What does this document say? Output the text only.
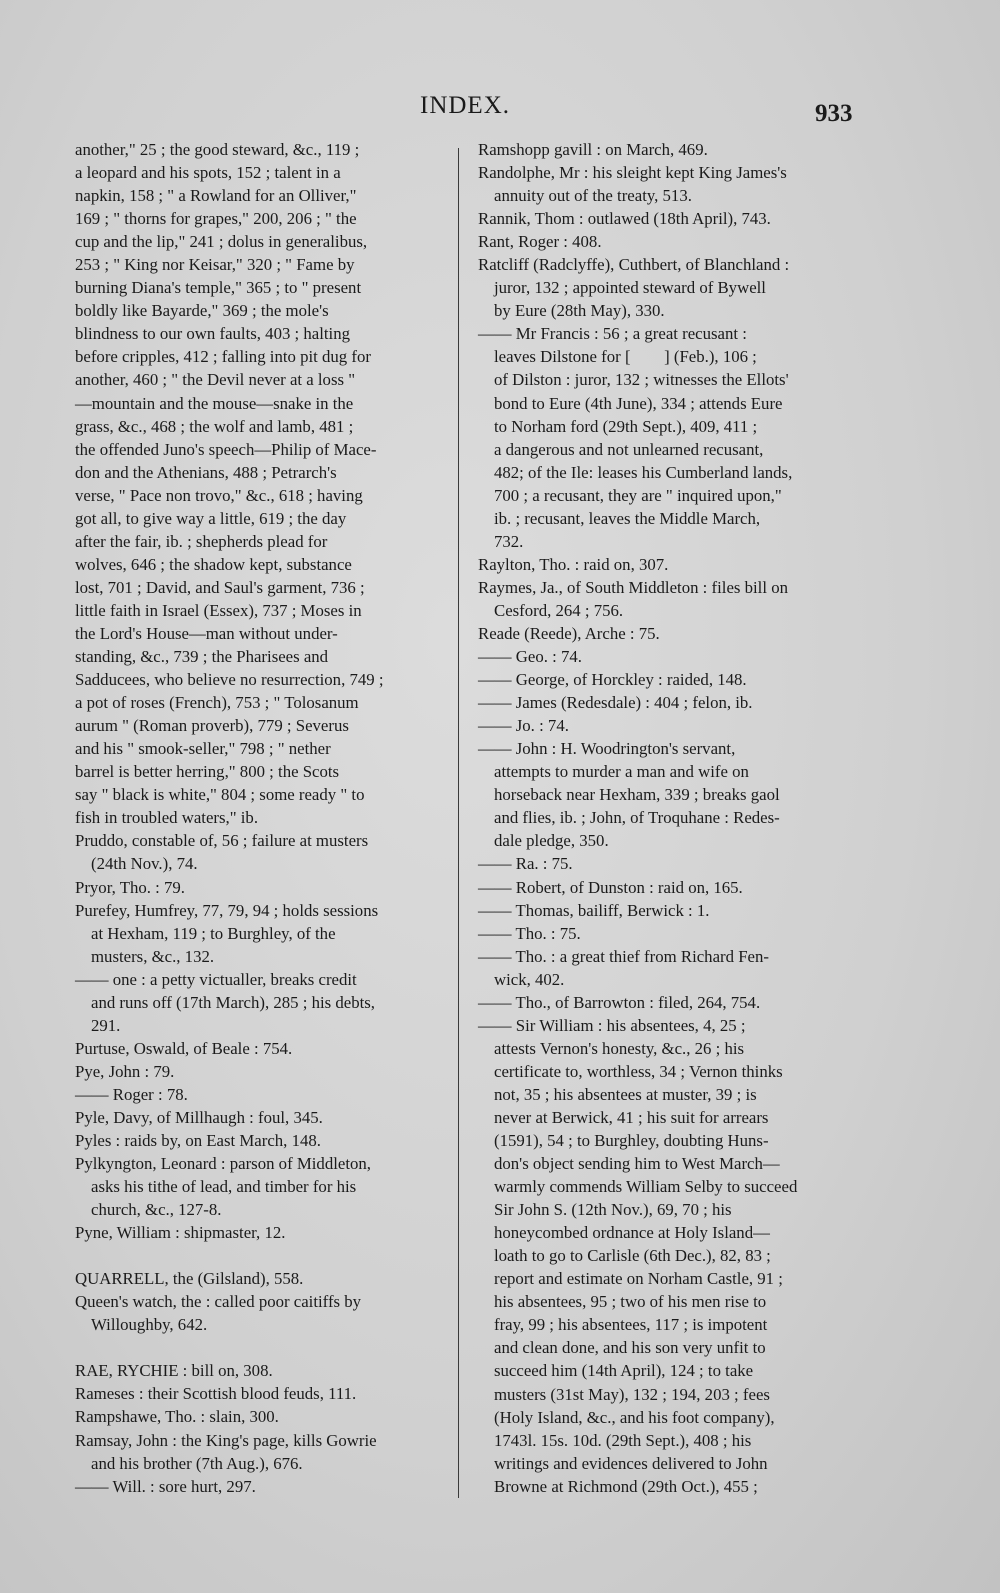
INDEX.	933
another," 25 ; the good steward, &c., 119 ;
a leopard and his spots, 152 ; talent in a
napkin, 158 ; " a Rowland for an Olliver,"
169 ; " thorns for grapes," 200, 206 ; " the
cup and the lip," 241 ; dolus in generalibus,
253 ; " King nor Keisar," 320 ; " Fame by
burning Diana's temple," 365 ; to " present
boldly like Bayarde," 369 ; the mole's
blindness to our own faults, 403 ; halting
before cripples, 412 ; falling into pit dug for
another, 460 ; " the Devil never at a loss "
—mountain and the mouse—snake in the
grass, &c., 468 ; the wolf and lamb, 481 ;
the offended Juno's speech—Philip of Mace-
don and the Athenians, 488 ; Petrarch's
verse, " Pace non trovo," &c., 618 ; having
got all, to give way a little, 619 ; the day
after the fair, ib. ; shepherds plead for
wolves, 646 ; the shadow kept, substance
lost, 701 ; David, and Saul's garment, 736 ;
little faith in Israel (Essex), 737 ; Moses in
the Lord's House—man without under-
standing, &c., 739 ; the Pharisees and
Sadducees, who believe no resurrection, 749 ;
a pot of roses (French), 753 ; " Tolosanum
aurum " (Roman proverb), 779 ; Severus
and his " smook-seller," 798 ; " nether
barrel is better herring," 800 ; the Scots
say " black is white," 804 ; some ready " to
fish in troubled waters," ib.
Pruddo, constable of, 56 ; failure at musters
(24th Nov.), 74.
Pryor, Tho. : 79.
Purefey, Humfrey, 77, 79, 94 ; holds sessions
at Hexham, 119 ; to Burghley, of the
musters, &c., 132.
—— one : a petty victualler, breaks credit
and runs off (17th March), 285 ; his debts,
291.
Purtuse, Oswald, of Beale : 754.
Pye, John : 79.
—— Roger : 78.
Pyle, Davy, of Millhaugh : foul, 345.
Pyles : raids by, on East March, 148.
Pylkyngton, Leonard : parson of Middleton,
asks his tithe of lead, and timber for his
church, &c., 127-8.
Pyne, William : shipmaster, 12.
QUARRELL, the (Gilsland), 558.
Queen's watch, the : called poor caitiffs by
Willoughby, 642.
RAE, RYCHIE : bill on, 308.
Rameses : their Scottish blood feuds, 111.
Rampshawe, Tho. : slain, 300.
Ramsay, John : the King's page, kills Gowrie
and his brother (7th Aug.), 676.
—— Will. : sore hurt, 297.
Ramshopp gavill : on March, 469.
Randolphe, Mr : his sleight kept King James's
annuity out of the treaty, 513.
Rannik, Thom : outlawed (18th April), 743.
Rant, Roger : 408.
Ratcliff (Radclyffe), Cuthbert, of Blanchland :
juror, 132 ; appointed steward of Bywell
by Eure (28th May), 330.
—— Mr Francis : 56 ; a great recusant :
leaves Dilstone for [        ] (Feb.), 106 ;
of Dilston : juror, 132 ; witnesses the Ellots'
bond to Eure (4th June), 334 ; attends Eure
to Norham ford (29th Sept.), 409, 411 ;
a dangerous and not unlearned recusant,
482; of the Ile: leases his Cumberland lands,
700 ; a recusant, they are " inquired upon,"
ib. ; recusant, leaves the Middle March,
732.
Raylton, Tho. : raid on, 307.
Raymes, Ja., of South Middleton : files bill on
Cesford, 264 ; 756.
Reade (Reede), Arche : 75.
—— Geo. : 74.
—— George, of Horckley : raided, 148.
—— James (Redesdale) : 404 ; felon, ib.
—— Jo. : 74.
—— John : H. Woodrington's servant,
attempts to murder a man and wife on
horseback near Hexham, 339 ; breaks gaol
and flies, ib. ; John, of Troquhane : Redes-
dale pledge, 350.
—— Ra. : 75.
—— Robert, of Dunston : raid on, 165.
—— Thomas, bailiff, Berwick : 1.
—— Tho. : 75.
—— Tho. : a great thief from Richard Fen-
wick, 402.
—— Tho., of Barrowton : filed, 264, 754.
—— Sir William : his absentees, 4, 25 ;
attests Vernon's honesty, &c., 26 ; his
certificate to, worthless, 34 ; Vernon thinks
not, 35 ; his absentees at muster, 39 ; is
never at Berwick, 41 ; his suit for arrears
(1591), 54 ; to Burghley, doubting Huns-
don's object sending him to West March—
warmly commends William Selby to succeed
Sir John S. (12th Nov.), 69, 70 ; his
honeycombed ordnance at Holy Island—
loath to go to Carlisle (6th Dec.), 82, 83 ;
report and estimate on Norham Castle, 91 ;
his absentees, 95 ; two of his men rise to
fray, 99 ; his absentees, 117 ; is impotent
and clean done, and his son very unfit to
succeed him (14th April), 124 ; to take
musters (31st May), 132 ; 194, 203 ; fees
(Holy Island, &c., and his foot company),
1743l. 15s. 10d. (29th Sept.), 408 ; his
writings and evidences delivered to John
Browne at Richmond (29th Oct.), 455 ;
